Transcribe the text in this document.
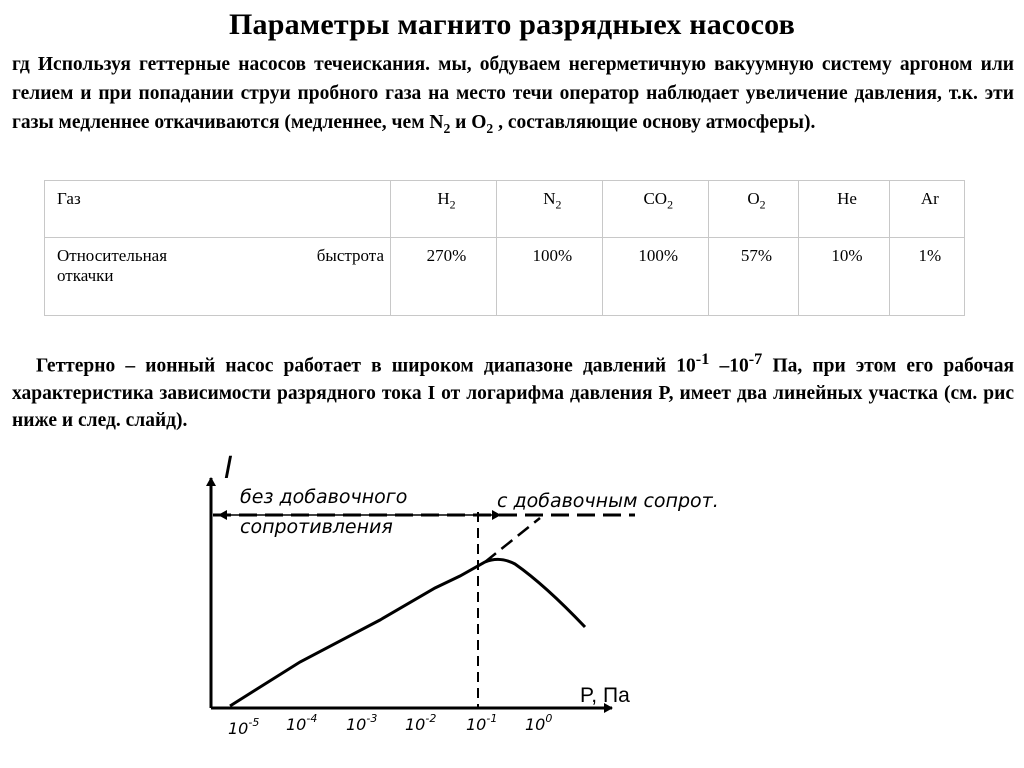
Параметры магнито разрядныех насосов
гд Используя геттерные насосов течеискания. мы, обдуваем негерметичную вакуумную систему аргоном или гелием и при попадании струи пробного газа на место течи оператор наблюдает увеличение давления, т.к. эти газы медленнее откачиваются (медленнее, чем $N_2$ и $O_2$ , составляющие основу атмосферы).
Газ	$H_2$	$N_2$	$CO_2$	$O_2$	He	Ar

Относительная быстрота
откачки	270%	100%	100%	57%	10%	1%
Геттерно – ионный насос работает в широком диапазоне давлений $10^{-1}$ $-10^{-7}$ Па, при этом его рабочая характеристика зависимости разрядного тока I от логарифма давления P, имеет два линейных участка (см. рис ниже и след. слайд).
I
P, Па
без добавочного
сопротивления
с добавочным сопрот.
$10^{-5}$ $10^{-4}$ $10^{-3}$ $10^{-2}$ $10^{-1}$ $10^0$
